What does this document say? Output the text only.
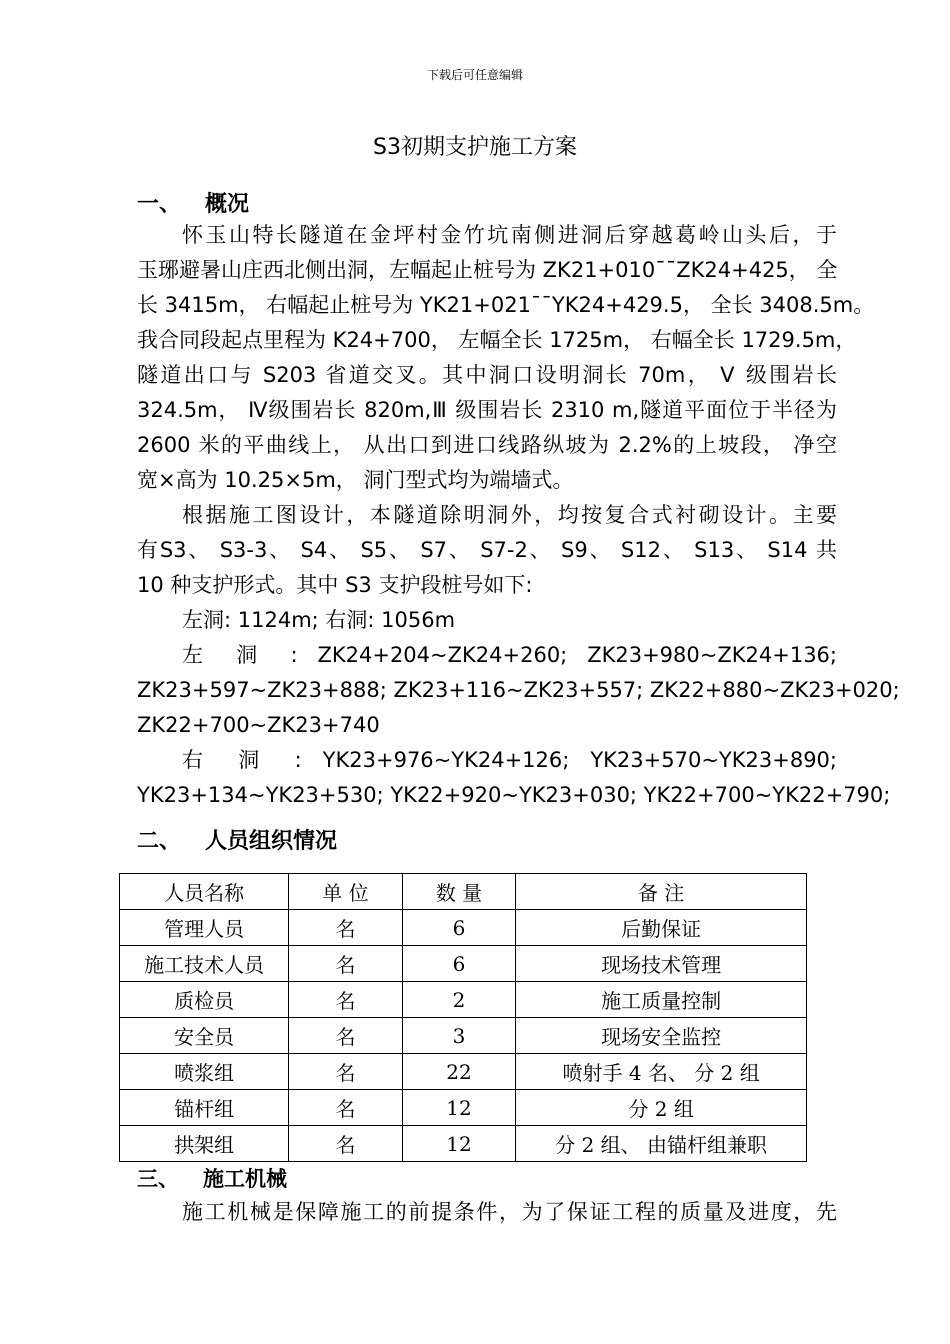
下载后可任意编辑
S3初期支护施工方案
一、 概况
怀玉山特长隧道在金坪村金竹坑南侧进洞后穿越葛岭山头后，于
玉琊避暑山庄西北侧出洞，左幅起止桩号为 ZK21+010¯¯ZK24+425， 全
长 3415m， 右幅起止桩号为 YK21+021¯¯YK24+429.5， 全长 3408.5m。
我合同段起点里程为 K24+700， 左幅全长 1725m， 右幅全长 1729.5m，
隧道出口与 S203 省道交叉。其中洞口设明洞长 70m， Ⅴ 级围岩长
324.5m， Ⅳ级围岩长 820m,Ⅲ 级围岩长 2310 m,隧道平面位于半径为
2600 米的平曲线上， 从出口到进口线路纵坡为 2.2%的上坡段， 净空
宽×高为 10.25×5m， 洞门型式均为端墙式。
根据施工图设计，本隧道除明洞外，均按复合式衬砌设计。主要
有S3、 S3-3、 S4、 S5、 S7、 S7-2、 S9、 S12、 S13、 S14 共
10 种支护形式。其中 S3 支护段桩号如下:
左洞: 1124m; 右洞: 1056m
左 洞 : ZK24+204~ZK24+260; ZK23+980~ZK24+136;
ZK23+597~ZK23+888; ZK23+116~ZK23+557; ZK22+880~ZK23+020;
ZK22+700~ZK23+740
右 洞 : YK23+976~YK24+126; YK23+570~YK23+890;
YK23+134~YK23+530; YK22+920~YK23+030; YK22+700~YK22+790;
二、 人员组织情况
人员名称	单 位	数 量	备 注
管理人员	名	6	后勤保证
施工技术人员	名	6	现场技术管理
质检员	名	2	施工质量控制
安全员	名	3	现场安全监控
喷浆组	名	22	喷射手 4 名、 分 2 组
锚杆组	名	12	分 2 组
拱架组	名	12	分 2 组、 由锚杆组兼职
三、 施工机械
施工机械是保障施工的前提条件，为了保证工程的质量及进度，先
